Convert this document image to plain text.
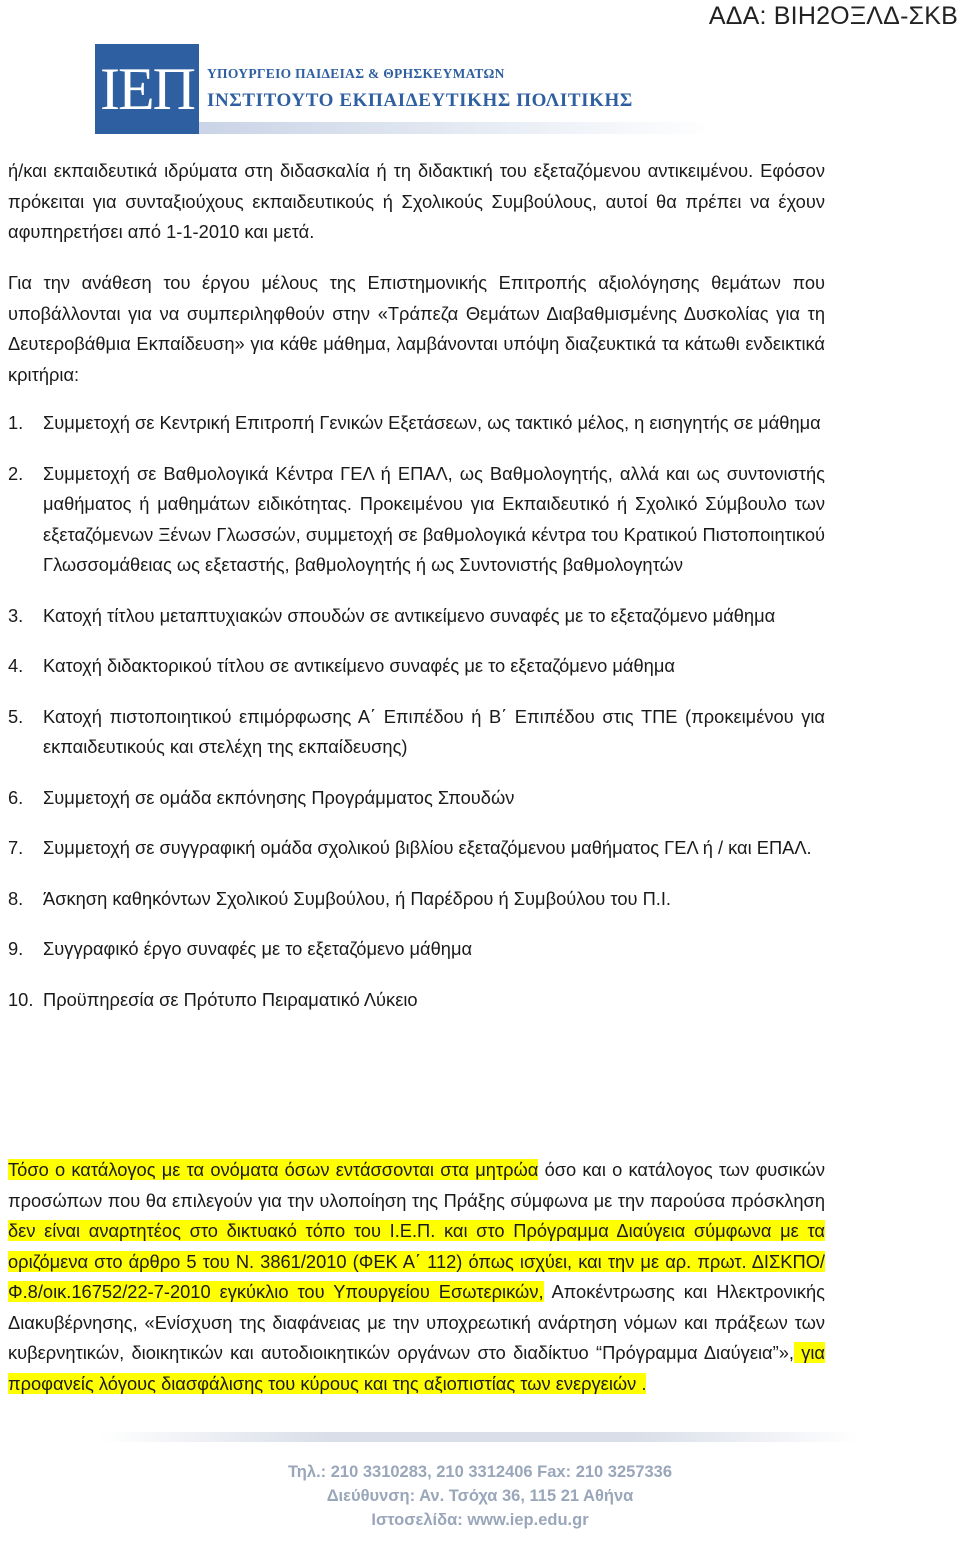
ΑΔΑ: ΒΙΗ2ΟΞΛΔ-ΣΚΒ
ΙΕΠ ΥΠΟΥΡΓΕΙΟ ΠΑΙΔΕΙΑΣ & ΘΡΗΣΚΕΥΜΑΤΩΝ
ΙΝΣΤΙΤΟΥΤΟ ΕΚΠΑΙΔΕΥΤΙΚΗΣ ΠΟΛΙΤΙΚΗΣ
ή/και εκπαιδευτικά ιδρύματα στη διδασκαλία ή τη διδακτική του εξεταζόμενου αντικειμένου. Εφόσον πρόκειται για συνταξιούχους εκπαιδευτικούς ή Σχολικούς Συμβούλους, αυτοί θα πρέπει να έχουν αφυπηρετήσει από 1-1-2010 και μετά.
Για την ανάθεση του έργου μέλους της Επιστημονικής Επιτροπής αξιολόγησης θεμάτων που υποβάλλονται για να συμπεριληφθούν στην «Τράπεζα Θεμάτων Διαβαθμισμένης Δυσκολίας για τη Δευτεροβάθμια Εκπαίδευση» για κάθε μάθημα, λαμβάνονται υπόψη διαζευκτικά τα κάτωθι ενδεικτικά κριτήρια:
1. Συμμετοχή σε Κεντρική Επιτροπή Γενικών Εξετάσεων, ως τακτικό μέλος, η εισηγητής σε μάθημα
2. Συμμετοχή σε Βαθμολογικά Κέντρα ΓΕΛ ή ΕΠΑΛ, ως Βαθμολογητής, αλλά και ως συντονιστής μαθήματος ή μαθημάτων ειδικότητας. Προκειμένου για Εκπαιδευτικό ή Σχολικό Σύμβουλο των εξεταζόμενων Ξένων Γλωσσών, συμμετοχή σε βαθμολογικά κέντρα του Κρατικού Πιστοποιητικού Γλωσσομάθειας ως εξεταστής, βαθμολογητής ή ως Συντονιστής βαθμολογητών
3. Κατοχή τίτλου μεταπτυχιακών σπουδών σε αντικείμενο συναφές με το εξεταζόμενο μάθημα
4. Κατοχή διδακτορικού τίτλου σε αντικείμενο συναφές με το εξεταζόμενο μάθημα
5. Κατοχή πιστοποιητικού επιμόρφωσης Α΄ Επιπέδου ή Β΄ Επιπέδου στις ΤΠΕ (προκειμένου για εκπαιδευτικούς και στελέχη της εκπαίδευσης)
6. Συμμετοχή σε ομάδα εκπόνησης Προγράμματος Σπουδών
7. Συμμετοχή σε συγγραφική ομάδα σχολικού βιβλίου εξεταζόμενου μαθήματος ΓΕΛ ή / και ΕΠΑΛ.
8. Άσκηση καθηκόντων Σχολικού Συμβούλου, ή Παρέδρου ή Συμβούλου του Π.Ι.
9. Συγγραφικό έργο συναφές με το εξεταζόμενο μάθημα
10. Προϋπηρεσία σε Πρότυπο Πειραματικό Λύκειο
Τόσο ο κατάλογος με τα ονόματα όσων εντάσσονται στα μητρώα όσο και ο κατάλογος των φυσικών προσώπων που θα επιλεγούν για την υλοποίηση της Πράξης σύμφωνα με την παρούσα πρόσκληση δεν είναι αναρτητέος στο δικτυακό τόπο του Ι.Ε.Π. και στο Πρόγραμμα Διαύγεια σύμφωνα με τα οριζόμενα στο άρθρο 5 του Ν. 3861/2010 (ΦΕΚ Α΄ 112) όπως ισχύει, και την με αρ. πρωτ. ΔΙΣΚΠΟ/Φ.8/οικ.16752/22-7-2010 εγκύκλιο του Υπουργείου Εσωτερικών, Αποκέντρωσης και Ηλεκτρονικής Διακυβέρνησης, «Ενίσχυση της διαφάνειας με την υποχρεωτική ανάρτηση νόμων και πράξεων των κυβερνητικών, διοικητικών και αυτοδιοικητικών οργάνων στο διαδίκτυο “Πρόγραμμα Διαύγεια”», για προφανείς λόγους διασφάλισης του κύρους και της αξιοπιστίας των ενεργειών .
Τηλ.: 210 3310283, 210 3312406 Fax: 210 3257336
Διεύθυνση: Αν. Τσόχα 36, 115 21 Αθήνα
Ιστοσελίδα: www.iep.edu.gr
